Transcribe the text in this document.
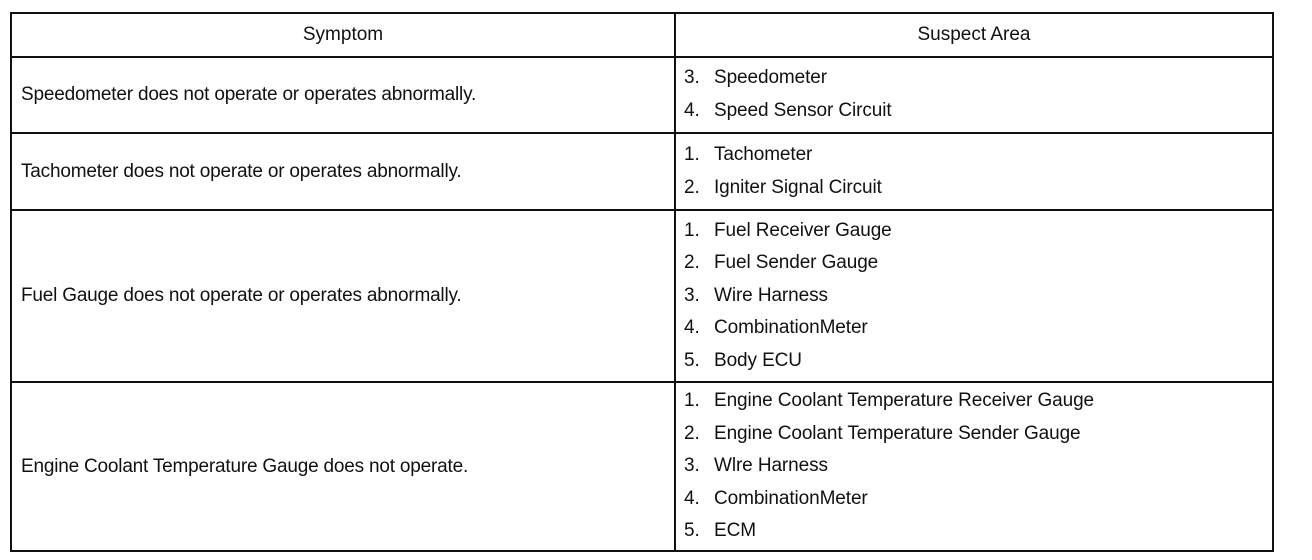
Symptom	Suspect Area
Speedometer does not operate or operates abnormally.
3. Speedometer
4. Speed Sensor Circuit
Tachometer does not operate or operates abnormally.
1. Tachometer
2. Igniter Signal Circuit
Fuel Gauge does not operate or operates abnormally.
1. Fuel Receiver Gauge
2. Fuel Sender Gauge
3. Wire Harness
4. CombinationMeter
5. Body ECU
Engine Coolant Temperature Gauge does not operate.
1. Engine Coolant Temperature Receiver Gauge
2. Engine Coolant Temperature Sender Gauge
3. Wlre Harness
4. CombinationMeter
5. ECM
